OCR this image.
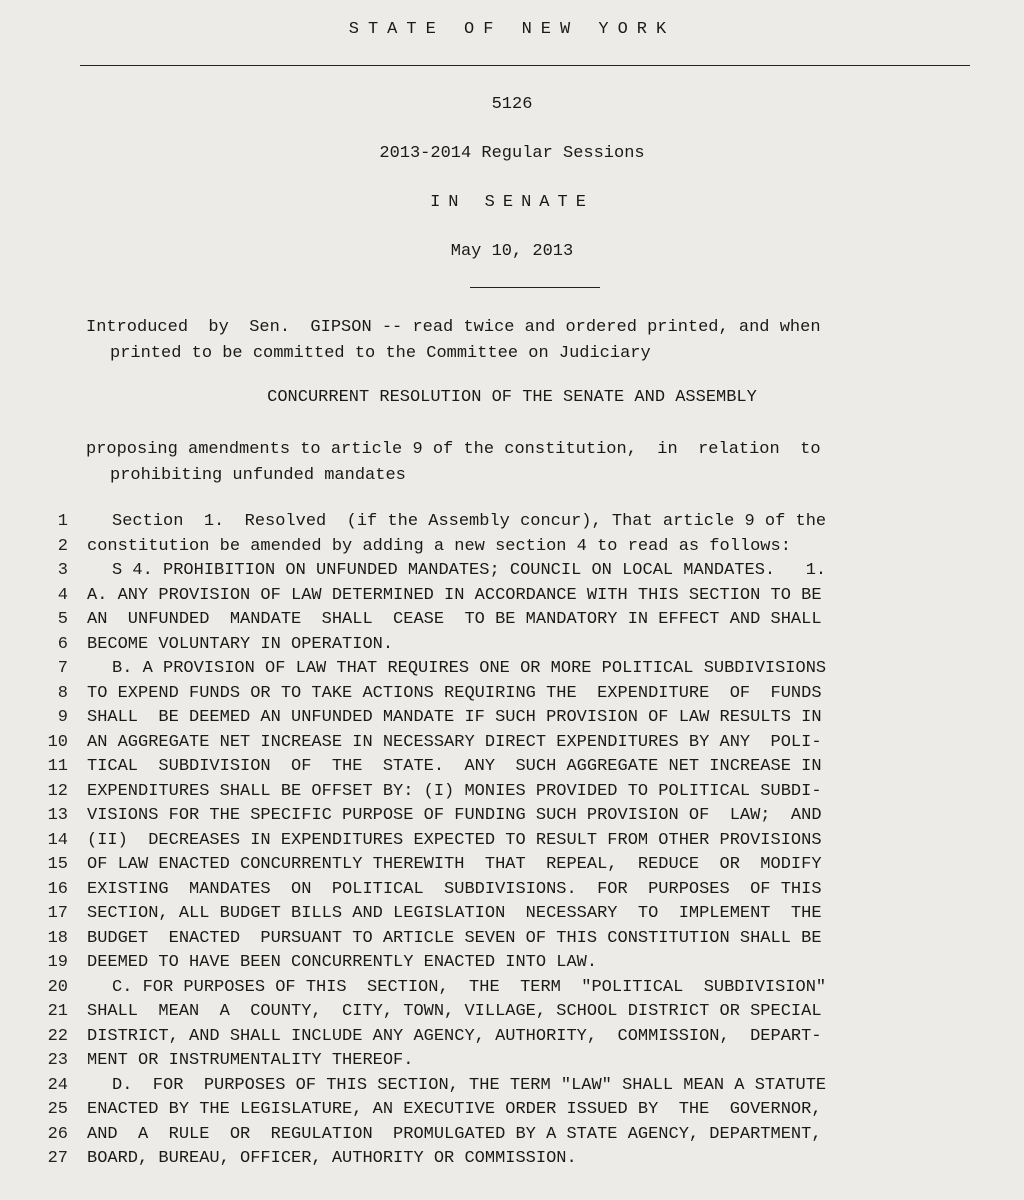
STATE OF NEW YORK
5126
2013-2014 Regular Sessions
IN SENATE
May 10, 2013
Introduced  by  Sen.  GIPSON -- read twice and ordered printed, and when
printed to be committed to the Committee on Judiciary
CONCURRENT RESOLUTION OF THE SENATE AND ASSEMBLY
proposing amendments to article 9 of the constitution,  in  relation  to
prohibiting unfunded mandates
1	Section  1.  Resolved  (if the Assembly concur), That article 9 of the
2 constitution be amended by adding a new section 4 to read as follows:
3	S 4. PROHIBITION ON UNFUNDED MANDATES; COUNCIL ON LOCAL MANDATES.   1.
4 A. ANY PROVISION OF LAW DETERMINED IN ACCORDANCE WITH THIS SECTION TO BE
5 AN  UNFUNDED  MANDATE  SHALL  CEASE  TO BE MANDATORY IN EFFECT AND SHALL
6 BECOME VOLUNTARY IN OPERATION.
7	B. A PROVISION OF LAW THAT REQUIRES ONE OR MORE POLITICAL SUBDIVISIONS
8 TO EXPEND FUNDS OR TO TAKE ACTIONS REQUIRING THE  EXPENDITURE  OF  FUNDS
9 SHALL  BE DEEMED AN UNFUNDED MANDATE IF SUCH PROVISION OF LAW RESULTS IN
10 AN AGGREGATE NET INCREASE IN NECESSARY DIRECT EXPENDITURES BY ANY  POLI-
11 TICAL  SUBDIVISION  OF  THE  STATE.  ANY  SUCH AGGREGATE NET INCREASE IN
12 EXPENDITURES SHALL BE OFFSET BY: (I) MONIES PROVIDED TO POLITICAL SUBDI-
13 VISIONS FOR THE SPECIFIC PURPOSE OF FUNDING SUCH PROVISION OF  LAW;  AND
14 (II)  DECREASES IN EXPENDITURES EXPECTED TO RESULT FROM OTHER PROVISIONS
15 OF LAW ENACTED CONCURRENTLY THEREWITH  THAT  REPEAL,  REDUCE  OR  MODIFY
16 EXISTING  MANDATES  ON  POLITICAL  SUBDIVISIONS.  FOR  PURPOSES  OF THIS
17 SECTION, ALL BUDGET BILLS AND LEGISLATION  NECESSARY  TO  IMPLEMENT  THE
18 BUDGET  ENACTED  PURSUANT TO ARTICLE SEVEN OF THIS CONSTITUTION SHALL BE
19 DEEMED TO HAVE BEEN CONCURRENTLY ENACTED INTO LAW.
20	C. FOR PURPOSES OF THIS  SECTION,  THE  TERM  "POLITICAL  SUBDIVISION"
21 SHALL  MEAN  A  COUNTY,  CITY, TOWN, VILLAGE, SCHOOL DISTRICT OR SPECIAL
22 DISTRICT, AND SHALL INCLUDE ANY AGENCY, AUTHORITY,  COMMISSION,  DEPART-
23 MENT OR INSTRUMENTALITY THEREOF.
24	D.  FOR  PURPOSES OF THIS SECTION, THE TERM "LAW" SHALL MEAN A STATUTE
25 ENACTED BY THE LEGISLATURE, AN EXECUTIVE ORDER ISSUED BY  THE  GOVERNOR,
26 AND  A  RULE  OR  REGULATION  PROMULGATED BY A STATE AGENCY, DEPARTMENT,
27 BOARD, BUREAU, OFFICER, AUTHORITY OR COMMISSION.
